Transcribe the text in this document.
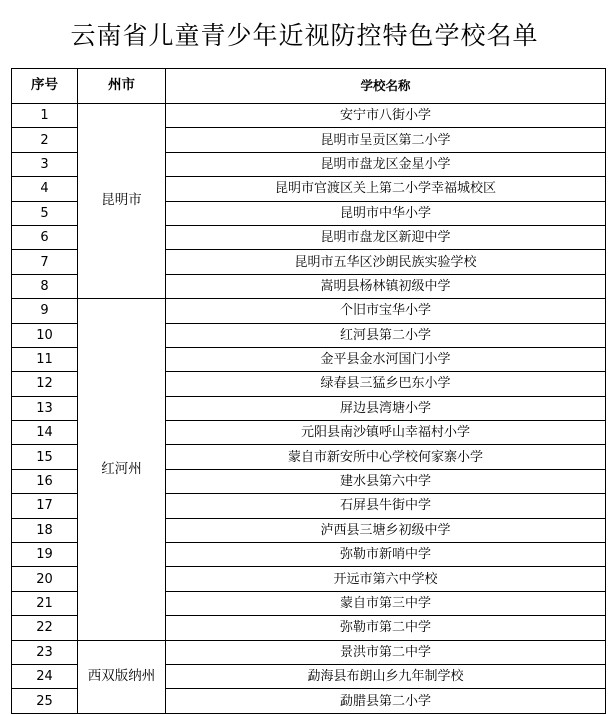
云南省儿童青少年近视防控特色学校名单
序号	州市	学校名称
1	昆明市	安宁市八街小学
2		昆明市呈贡区第二小学
3		昆明市盘龙区金星小学
4		昆明市官渡区关上第二小学幸福城校区
5		昆明市中华小学
6		昆明市盘龙区新迎中学
7		昆明市五华区沙朗民族实验学校
8		嵩明县杨林镇初级中学
9	红河州	个旧市宝华小学
10		红河县第二小学
11		金平县金水河国门小学
12		绿春县三猛乡巴东小学
13		屏边县湾塘小学
14		元阳县南沙镇呼山幸福村小学
15		蒙自市新安所中心学校何家寨小学
16		建水县第六中学
17		石屏县牛街中学
18		泸西县三塘乡初级中学
19		弥勒市新哨中学
20		开远市第六中学校
21		蒙自市第三中学
22		弥勒市第二中学
23	西双版纳州	景洪市第二中学
24		勐海县布朗山乡九年制学校
25		勐腊县第二小学
